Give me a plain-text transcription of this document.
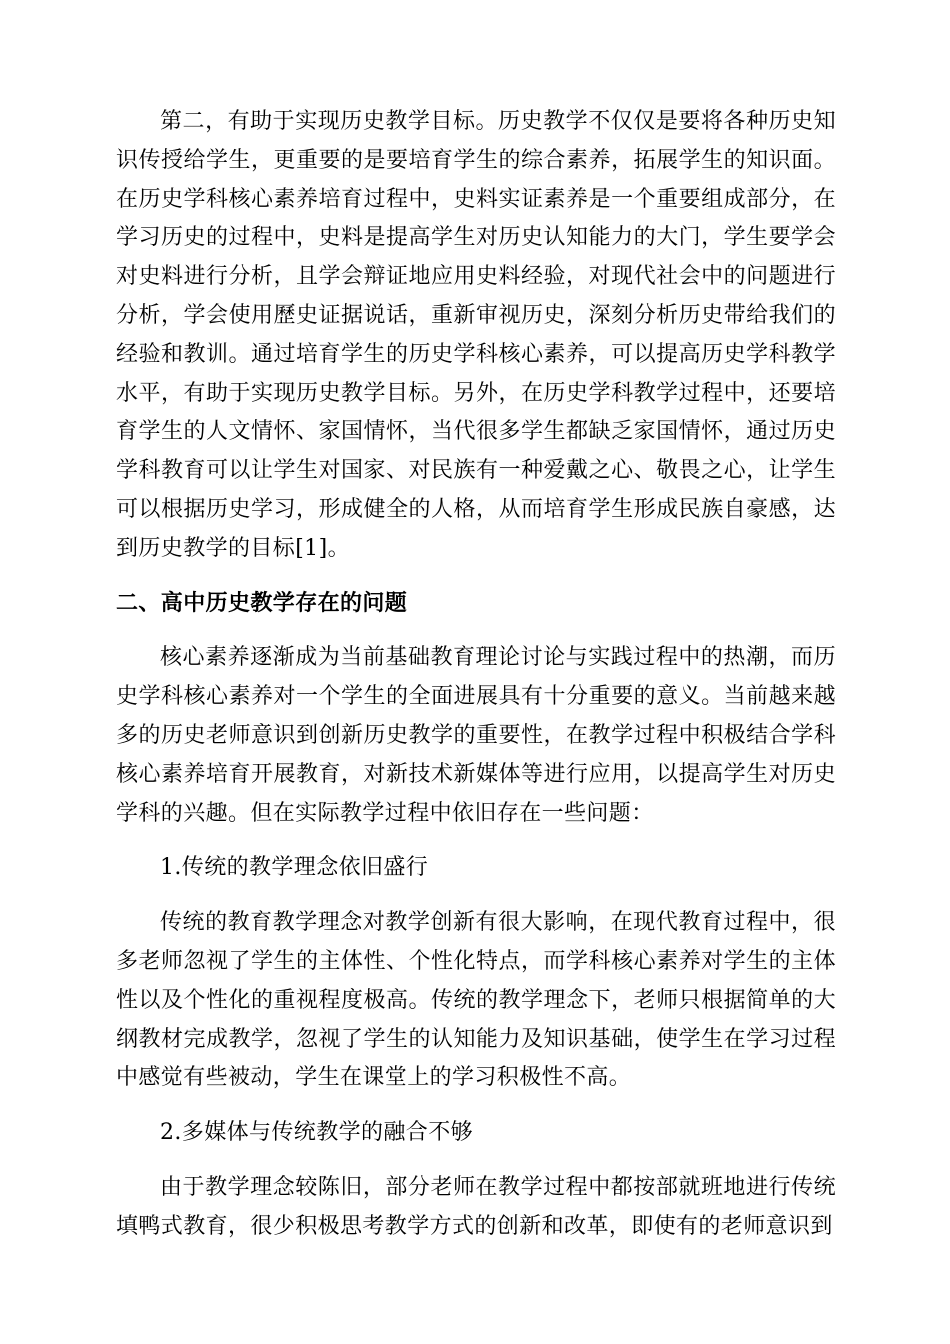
第二，有助于实现历史教学目标。历史教学不仅仅是要将各种历史知识传授给学生，更重要的是要培育学生的综合素养，拓展学生的知识面。在历史学科核心素养培育过程中，史料实证素养是一个重要组成部分，在学习历史的过程中，史料是提高学生对历史认知能力的大门，学生要学会对史料进行分析，且学会辩证地应用史料经验，对现代社会中的问题进行分析，学会使用歷史证据说话，重新审视历史，深刻分析历史带给我们的经验和教训。通过培育学生的历史学科核心素养，可以提高历史学科教学水平，有助于实现历史教学目标。另外，在历史学科教学过程中，还要培育学生的人文情怀、家国情怀，当代很多学生都缺乏家国情怀，通过历史学科教育可以让学生对国家、对民族有一种爱戴之心、敬畏之心，让学生可以根据历史学习，形成健全的人格，从而培育学生形成民族自豪感，达到历史教学的目标[1]。

二、高中历史教学存在的问题

核心素养逐渐成为当前基础教育理论讨论与实践过程中的热潮，而历史学科核心素养对一个学生的全面进展具有十分重要的意义。当前越来越多的历史老师意识到创新历史教学的重要性，在教学过程中积极结合学科核心素养培育开展教育，对新技术新媒体等进行应用，以提高学生对历史学科的兴趣。但在实际教学过程中依旧存在一些问题：

1.传统的教学理念依旧盛行

传统的教育教学理念对教学创新有很大影响，在现代教育过程中，很多老师忽视了学生的主体性、个性化特点，而学科核心素养对学生的主体性以及个性化的重视程度极高。传统的教学理念下，老师只根据简单的大纲教材完成教学，忽视了学生的认知能力及知识基础，使学生在学习过程中感觉有些被动，学生在课堂上的学习积极性不高。

2.多媒体与传统教学的融合不够

由于教学理念较陈旧，部分老师在教学过程中都按部就班地进行传统填鸭式教育，很少积极思考教学方式的创新和改革，即使有的老师意识到
